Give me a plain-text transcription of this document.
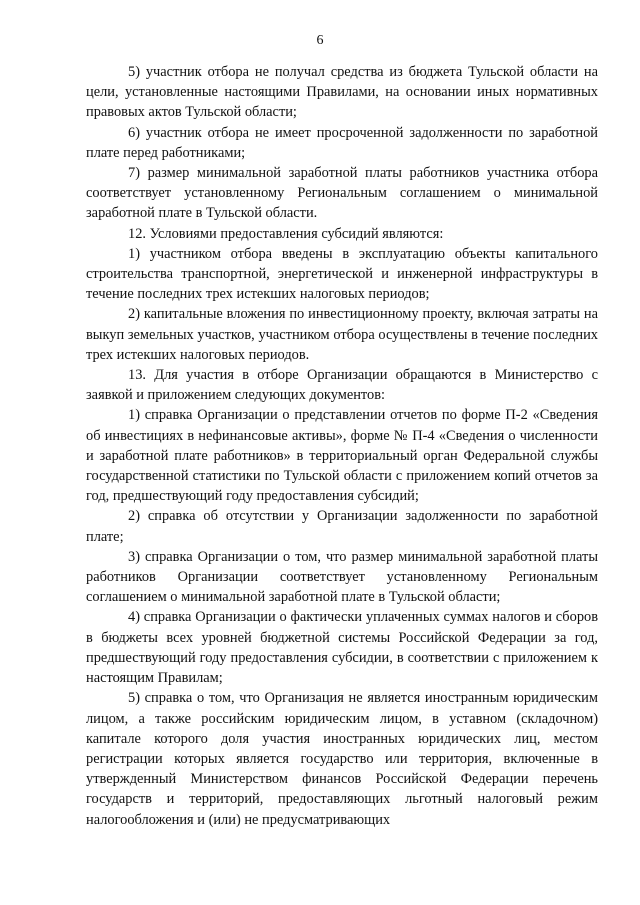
6

5) участник отбора не получал средства из бюджета Тульской области на цели, установленные настоящими Правилами, на основании иных нормативных правовых актов Тульской области;

6) участник отбора не имеет просроченной задолженности по заработной плате перед работниками;

7) размер минимальной заработной платы работников участника отбора соответствует установленному Региональным соглашением о минимальной заработной плате в Тульской области.

12. Условиями предоставления субсидий являются:

1) участником отбора введены в эксплуатацию объекты капитального строительства транспортной, энергетической и инженерной инфраструктуры в течение последних трех истекших налоговых периодов;

2) капитальные вложения по инвестиционному проекту, включая затраты на выкуп земельных участков, участником отбора осуществлены в течение последних трех истекших налоговых периодов.

13. Для участия в отборе Организации обращаются в Министерство с заявкой и приложением следующих документов:

1) справка Организации о представлении отчетов по форме П-2 «Сведения об инвестициях в нефинансовые активы», форме № П-4 «Сведения о численности и заработной плате работников» в территориальный орган Федеральной службы государственной статистики по Тульской области с приложением копий отчетов за год, предшествующий году предоставления субсидий;

2) справка об отсутствии у Организации задолженности по заработной плате;

3) справка Организации о том, что размер минимальной заработной платы работников Организации соответствует установленному Региональным соглашением о минимальной заработной плате в Тульской области;

4) справка Организации о фактически уплаченных суммах налогов и сборов в бюджеты всех уровней бюджетной системы Российской Федерации за год, предшествующий году предоставления субсидии, в соответствии с приложением к настоящим Правилам;

5) справка о том, что Организация не является иностранным юридическим лицом, а также российским юридическим лицом, в уставном (складочном) капитале которого доля участия иностранных юридических лиц, местом регистрации которых является государство или территория, включенные в утвержденный Министерством финансов Российской Федерации перечень государств и территорий, предоставляющих льготный налоговый режим налогообложения и (или) не предусматривающих
